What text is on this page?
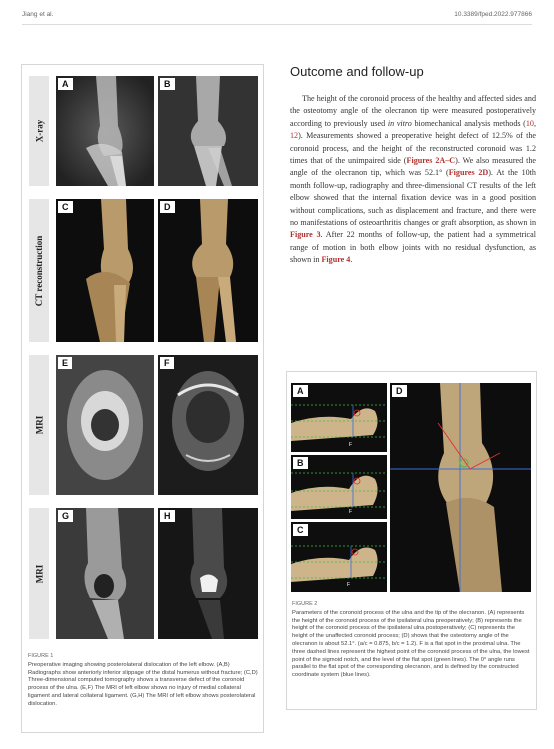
Jiang et al.	10.3389/fped.2022.977866
X-ray
CT reconstruction
MRI
MRI
A	B
C	D
E	F
G	H
FIGURE 1
Preoperative imaging showing posterolateral dislocation of the left elbow. (A,B) Radiographs show anteriorly inferior slippage of the distal humerus without fracture; (C,D) Three-dimensional computed tomography shows a transverse defect of the coronoid process of the ulna. (E,F) The MRI of left elbow shows no injury of medial collateral ligament and lateral collateral ligament. (G,H) The MRI of left elbow shows posterolateral dislocation.
Outcome and follow-up
The height of the coronoid process of the healthy and affected sides and the osteotomy angle of the olecranon tip were measured postoperatively according to previously used in vitro biomechanical analysis methods (10, 12). Measurements showed a preoperative height defect of 12.5% of the coronoid process, and the height of the reconstructed coronoid was 1.2 times that of the unimpaired side (Figures 2A–C). We also measured the angle of the olecranon tip, which was 52.1° (Figures 2D). At the 10th month follow-up, radiography and three-dimensional CT results of the left elbow showed that the internal fixation device was in a good position without complications, such as displacement and fracture, and there were no manifestations of osteoarthritis changes or graft absorption, as shown in Figure 3. After 22 months of follow-up, the patient had a symmetrical range of motion in both elbow joints with no residual dysfunction, as shown in Figure 4.
A
F
B
F
C
F
D
FIGURE 2
Parameters of the coronoid process of the ulna and the tip of the olecranon. (A) represents the height of the coronoid process of the ipsilateral ulna preoperatively; (B) represents the height of the coronoid process of the ipsilateral ulna postoperatively; (C) represents the height of the unaffected coronoid process; (D) shows that the osteotomy angle of the olecranon is about 52.1°. (a/c = 0.875, b/c = 1.2). F is a flat spot in the proximal ulna. The three dashed lines represent the highest point of the coronoid process of the ulna, the lowest point of the sigmoid notch, and the level of the flat spot (green lines). The 0° angle runs parallel to the flat spot of the corresponding olecranon, and is defined by the constructed coordinate system (blue lines).
